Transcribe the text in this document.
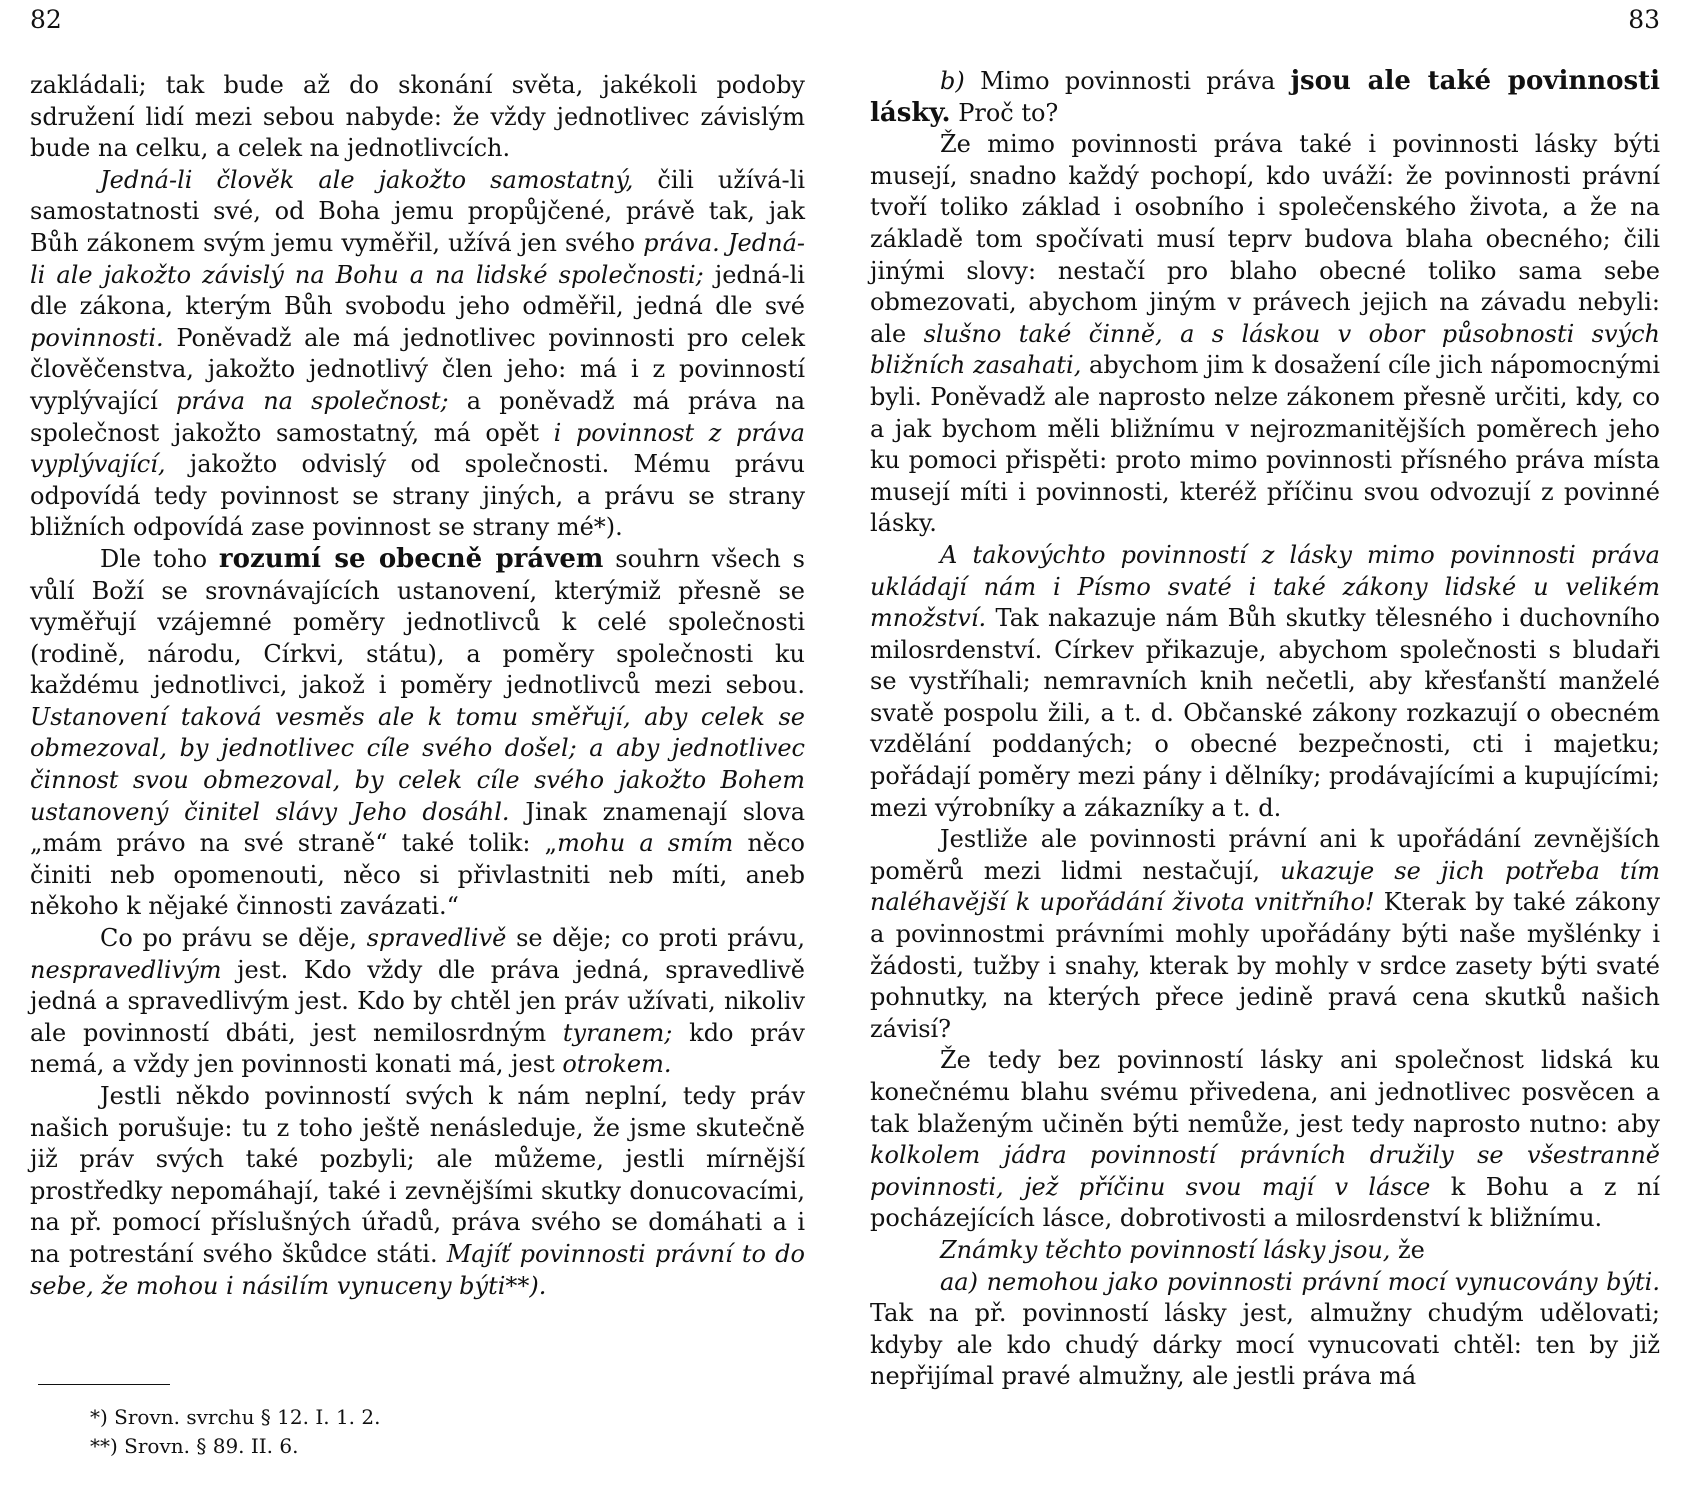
82

zakládali; tak bude až do skonání světa, jakékoli podoby sdružení lidí mezi sebou nabyde: že vždy jednotlivec závislým bude na celku, a celek na jednotlivcích.

Jedná-li člověk ale jakožto samostatný, čili užívá-li samostatnosti své, od Boha jemu propůjčené, právě tak, jak Bůh zákonem svým jemu vyměřil, užívá jen svého práva. Jedná-li ale jakožto závislý na Bohu a na lidské společnosti; jedná-li dle zákona, kterým Bůh svobodu jeho odměřil, jedná dle své povinnosti. Poněvadž ale má jednotlivec povinnosti pro celek člověčenstva, jakožto jednotlivý člen jeho: má i z povinností vyplývající práva na společnost; a poněvadž má práva na společnost jakožto samostatný, má opět i povinnost z práva vyplývající, jakožto odvislý od společnosti. Mému právu odpovídá tedy povinnost se strany jiných, a právu se strany bližních odpovídá zase povinnost se strany mé*).

Dle toho rozumí se obecně právem souhrn všech s vůlí Boží se srovnávajících ustanovení, kterýmiž přesně se vyměřují vzájemné poměry jednotlivců k celé společnosti (rodině, národu, Církvi, státu), a poměry společnosti ku každému jednotlivci, jakož i poměry jednotlivců mezi sebou. Ustanovení taková vesměs ale k tomu směřují, aby celek se obmezoval, by jednotlivec cíle svého došel; a aby jednotlivec činnost svou obmezoval, by celek cíle svého jakožto Bohem ustanovený činitel slávy Jeho dosáhl. Jinak znamenají slova „mám právo na své straně“ také tolik: „mohu a smím něco činiti neb opomenouti, něco si přivlastniti neb míti, aneb někoho k nějaké činnosti zavázati.“

Co po právu se děje, spravedlivě se děje; co proti právu, nespravedlivým jest. Kdo vždy dle práva jedná, spravedlivě jedná a spravedlivým jest. Kdo by chtěl jen práv užívati, nikoliv ale povinností dbáti, jest nemilosrdným tyranem; kdo práv nemá, a vždy jen povinnosti konati má, jest otrokem.

Jestli někdo povinností svých k nám neplní, tedy práv našich porušuje: tu z toho ještě nenásleduje, že jsme skutečně již práv svých také pozbyli; ale můžeme, jestli mírnější prostředky nepomáhají, také i zevnějšími skutky donucovacími, na př. pomocí příslušných úřadů, práva svého se domáhati a i na potrestání svého škůdce státi. Majíť povinnosti právní to do sebe, že mohou i násilím vynuceny býti**).

*) Srovn. svrchu § 12. I. 1. 2.
**) Srovn. § 89. II. 6.
83

b) Mimo povinnosti práva jsou ale také povinnosti lásky. Proč to?

Že mimo povinnosti práva také i povinnosti lásky býti musejí, snadno každý pochopí, kdo uváží: že povinnosti právní tvoří toliko základ i osobního i společenského života, a že na základě tom spočívati musí teprv budova blaha obecného; čili jinými slovy: nestačí pro blaho obecné toliko sama sebe obmezovati, abychom jiným v právech jejich na závadu nebyli: ale slušno také činně, a s láskou v obor působnosti svých bližních zasahati, abychom jim k dosažení cíle jich nápomocnými byli. Poněvadž ale naprosto nelze zákonem přesně určiti, kdy, co a jak bychom měli bližnímu v nejrozmanitějších poměrech jeho ku pomoci přispěti: proto mimo povinnosti přísného práva místa musejí míti i povinnosti, kteréž příčinu svou odvozují z povinné lásky.

A takovýchto povinností z lásky mimo povinnosti práva ukládají nám i Písmo svaté i také zákony lidské u velikém množství. Tak nakazuje nám Bůh skutky tělesného i duchovního milosrdenství. Církev přikazuje, abychom společnosti s bludaři se vystříhali; nemravních knih nečetli, aby křesťanští manželé svatě pospolu žili, a t. d. Občanské zákony rozkazují o obecném vzdělání poddaných; o obecné bezpečnosti, cti i majetku; pořádají poměry mezi pány i dělníky; prodávajícími a kupujícími; mezi výrobníky a zákazníky a t. d.

Jestliže ale povinnosti právní ani k upořádání zevnějších poměrů mezi lidmi nestačují, ukazuje se jich potřeba tím naléhavější k upořádání života vnitřního! Kterak by také zákony a povinnostmi právními mohly upořádány býti naše myšlénky i žádosti, tužby i snahy, kterak by mohly v srdce zasety býti svaté pohnutky, na kterých přece jedině pravá cena skutků našich závisí?

Že tedy bez povinností lásky ani společnost lidská ku konečnému blahu svému přivedena, ani jednotlivec posvěcen a tak blaženým učiněn býti nemůže, jest tedy naprosto nutno: aby kolkolem jádra povinností právních družily se všestranně povinnosti, jež příčinu svou mají v lásce k Bohu a z ní pocházejících lásce, dobrotivosti a milosrdenství k bližnímu.

Známky těchto povinností lásky jsou, že

aa) nemohou jako povinnosti právní mocí vynucovány býti. Tak na př. povinností lásky jest, almužny chudým udělovati; kdyby ale kdo chudý dárky mocí vynucovati chtěl: ten by již nepřijímal pravé almužny, ale jestli práva má
